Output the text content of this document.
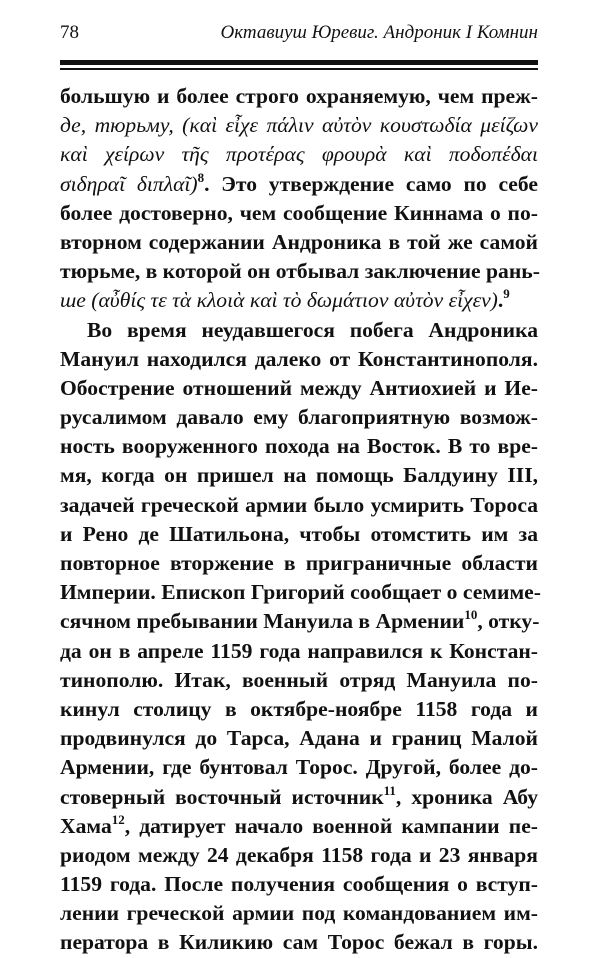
78	Октавиуш Юревиг. Андроник I Комнин
большую и более строго охраняемую, чем преж-
де, тюрьму, (καὶ εἶχε πάλιν αὐτὸν κουστωδία μείζων
καὶ χείρων τῆς προτέρας φρουρὰ καὶ ποδοπέδαι
σιδηραῖ διπλαῖ)$^8$. Это утверждение само по себе
более достоверно, чем сообщение Киннама о по-
вторном содержании Андроника в той же самой
тюрьме, в которой он отбывал заключение рань-
ше (αὖθίς τε τὰ κλοιὰ καὶ τὸ δωμάτιον αὐτὸν εἶχεν).$^9$
Во время неудавшегося побега Андроника
Мануил находился далеко от Константинополя.
Обострение отношений между Антиохией и Ие-
русалимом давало ему благоприятную возмож-
ность вооруженного похода на Восток. В то вре-
мя, когда он пришел на помощь Балдуину III,
задачей греческой армии было усмирить Тороса
и Рено де Шатильона, чтобы отомстить им за
повторное вторжение в приграничные области
Империи. Епископ Григорий сообщает о семиме-
сячном пребывании Мануила в Армении$^{10}$, отку-
да он в апреле 1159 года направился к Констан-
тинополю. Итак, военный отряд Мануила по-
кинул столицу в октябре-ноябре 1158 года и
продвинулся до Тарса, Адана и границ Малой
Армении, где бунтовал Торос. Другой, более до-
стоверный восточный источник$^{11}$, хроника Абу
Хама$^{12}$, датирует начало военной кампании пе-
риодом между 24 декабря 1158 года и 23 января
1159 года. После получения сообщения о вступ-
лении греческой армии под командованием им-
ператора в Киликию сам Торос бежал в горы.
